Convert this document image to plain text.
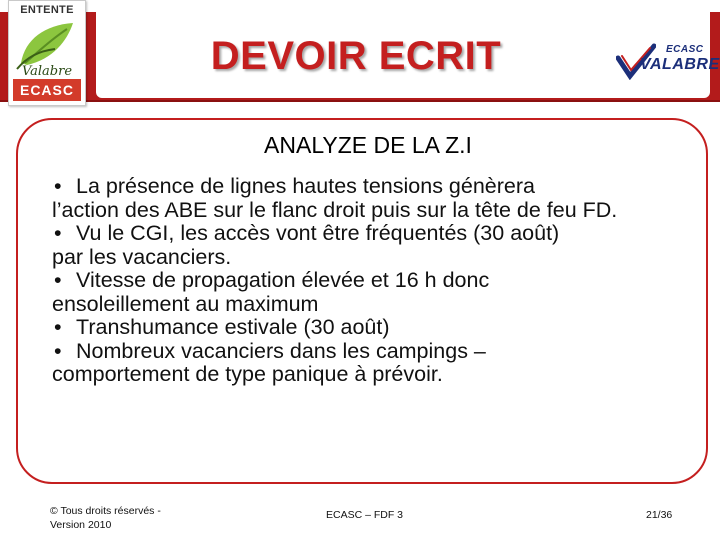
DEVOIR ECRIT
ENTENTE
Valabre
ECASC
ECASC
VALABRE
ANALYZE DE LA Z.I
• La présence de lignes hautes tensions génèrera
l’action des ABE sur le flanc droit puis sur la tête de feu FD.
• Vu le CGI, les accès vont être fréquentés (30 août)
par les vacanciers.
• Vitesse de propagation élevée et 16 h donc
ensoleillement au maximum
• Transhumance estivale (30 août)
• Nombreux vacanciers dans les campings –
comportement de type panique à prévoir.
© Tous droits réservés -
Version 2010
ECASC – FDF 3	21/36
